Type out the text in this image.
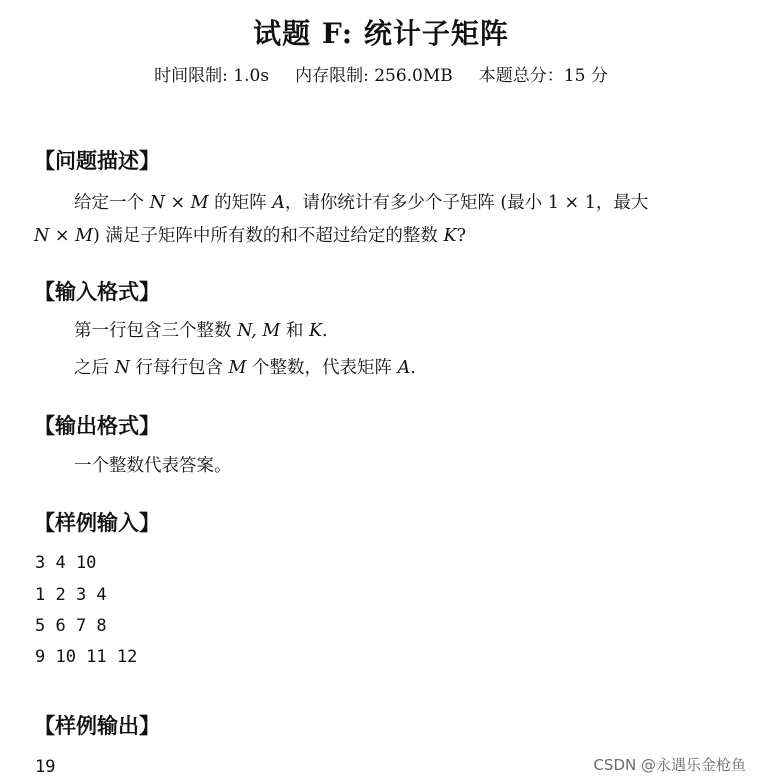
试题 F: 统计子矩阵
时间限制: 1.0s 内存限制: 256.0MB 本题总分：15 分
【问题描述】
给定一个 N × M 的矩阵 A，请你统计有多少个子矩阵 (最小 1 × 1，最大
N × M) 满足子矩阵中所有数的和不超过给定的整数 K?
【输入格式】
第一行包含三个整数 N, M 和 K.
之后 N 行每行包含 M 个整数，代表矩阵 A.
【输出格式】
一个整数代表答案。
【样例输入】
3 4 10
1 2 3 4
5 6 7 8
9 10 11 12
【样例输出】
19	CSDN @永遇乐金枪鱼
